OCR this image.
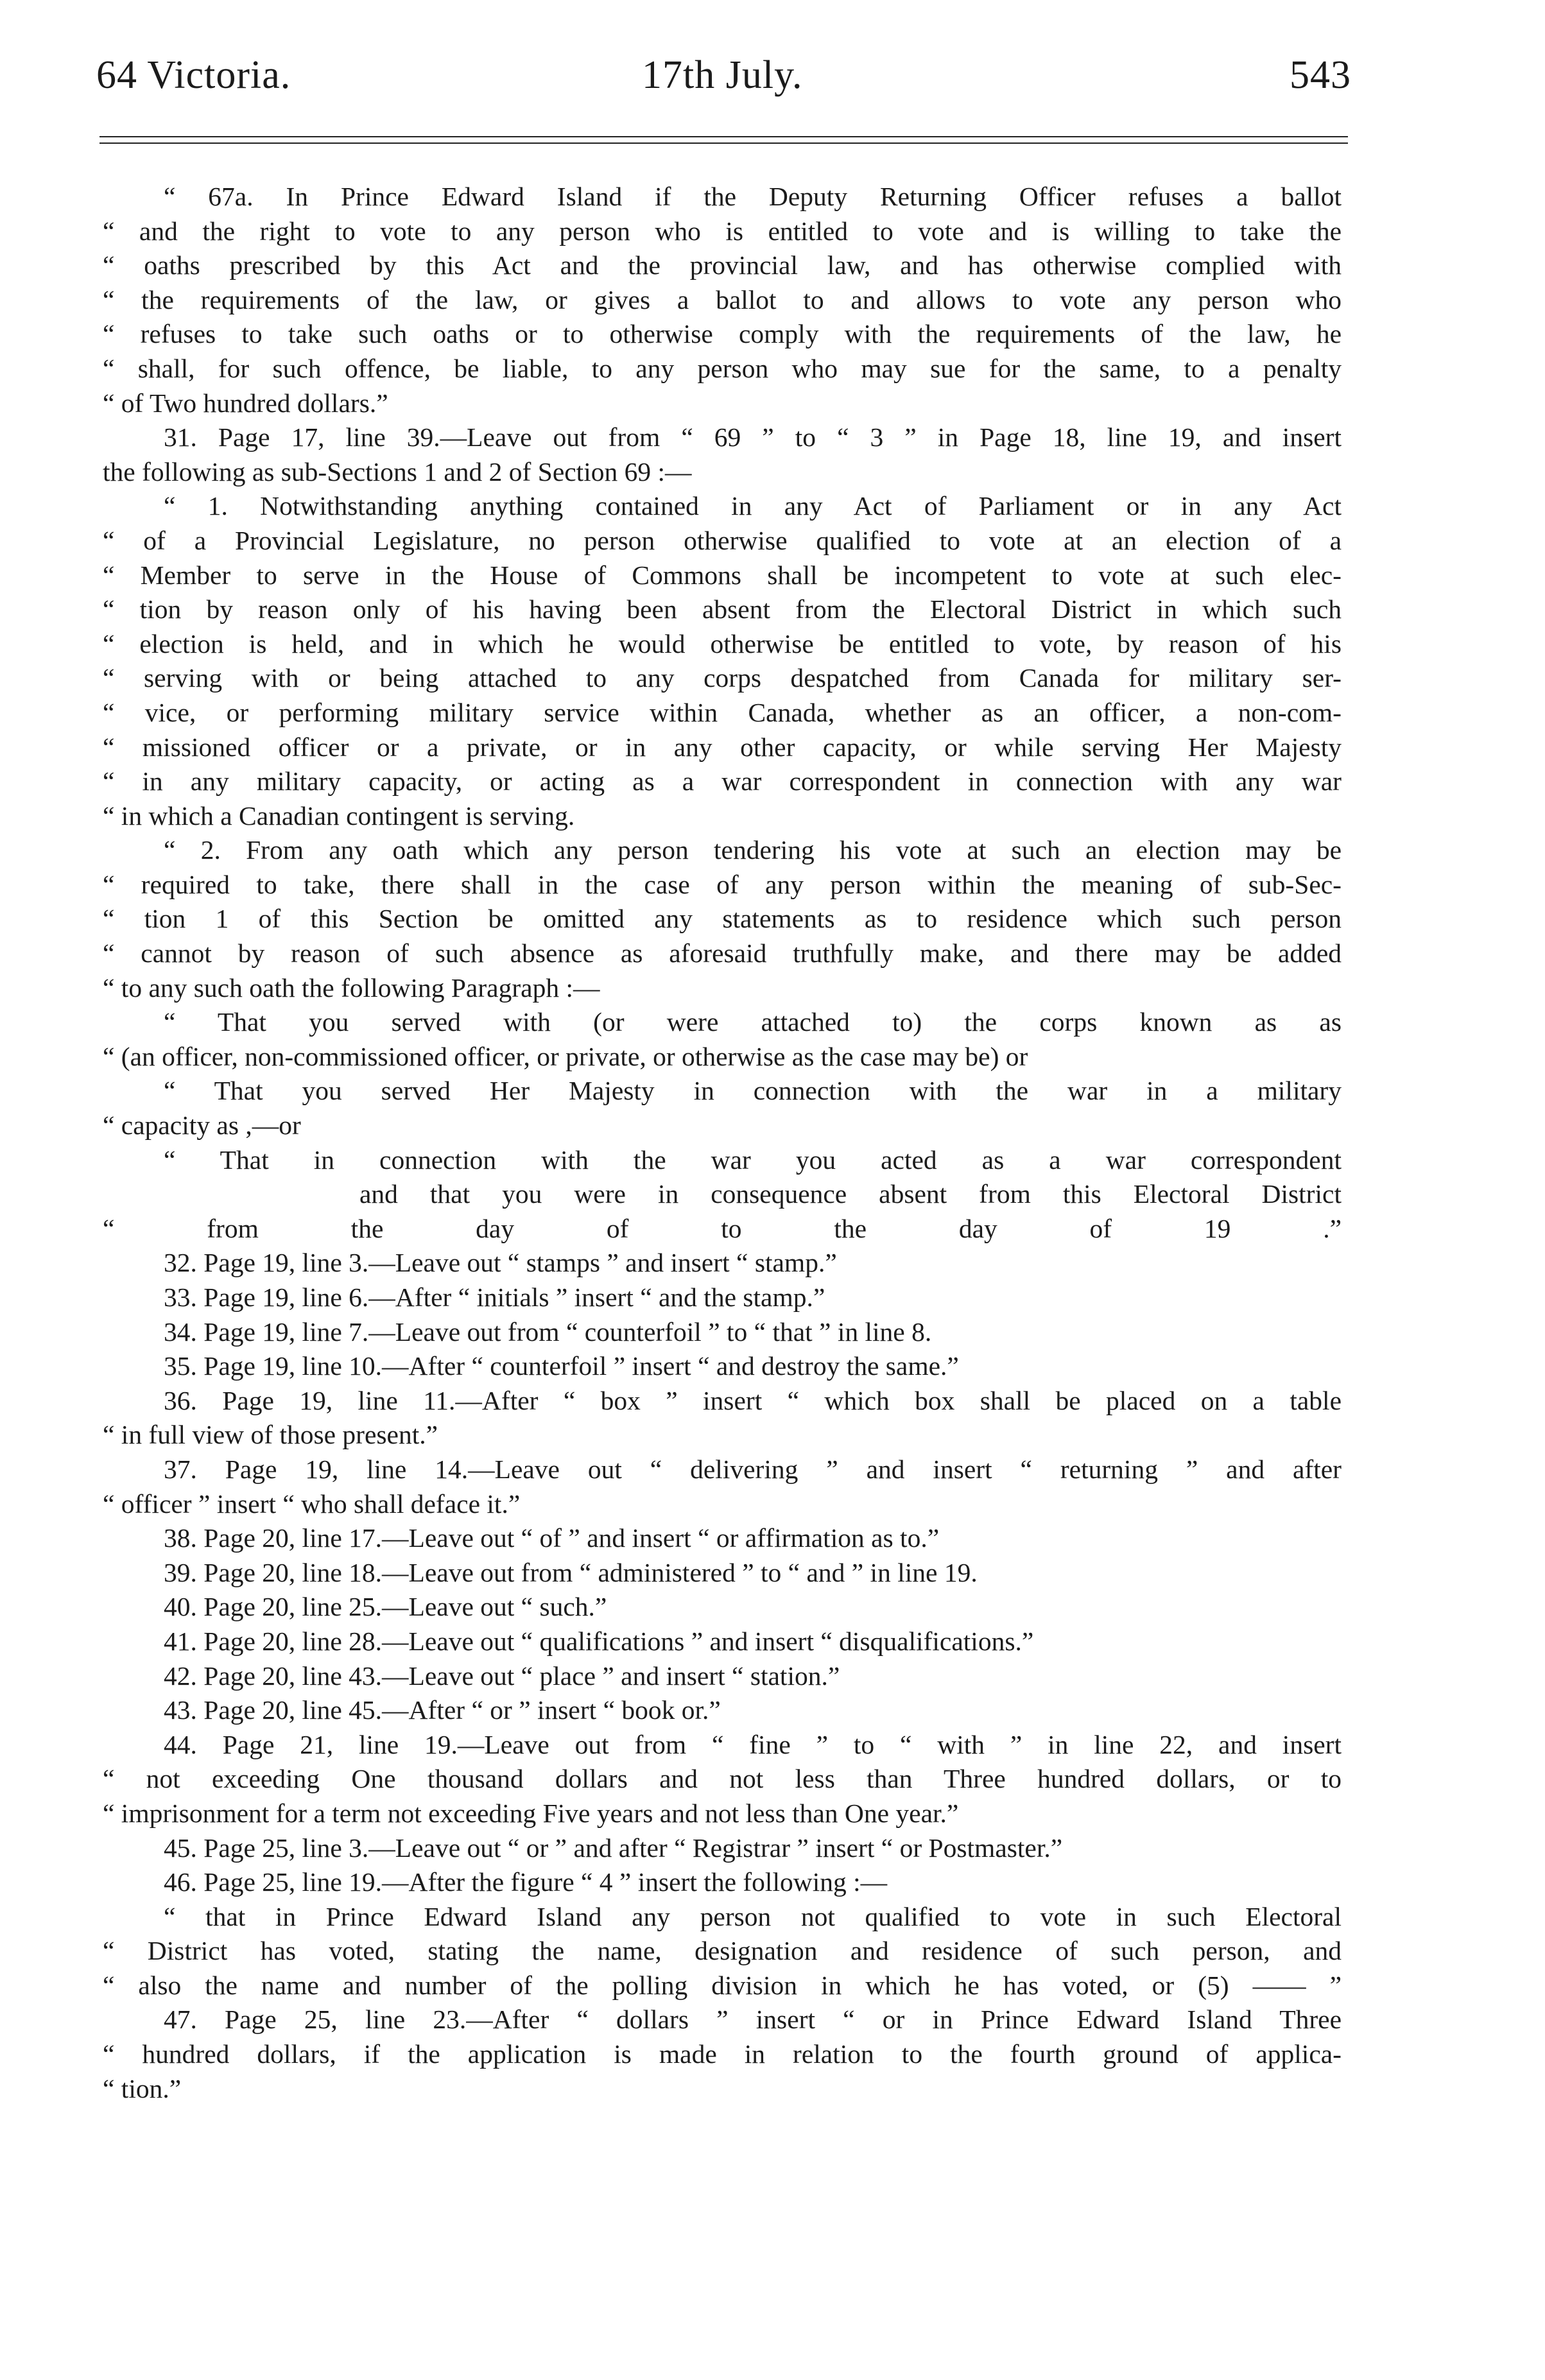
64 Victoria.	17th July.	543
“ 67a. In Prince Edward Island if the Deputy Returning Officer refuses a ballot
“ and the right to vote to any person who is entitled to vote and is willing to take the
“ oaths prescribed by this Act and the provincial law, and has otherwise complied with
“ the requirements of the law, or gives a ballot to and allows to vote any person who
“ refuses to take such oaths or to otherwise comply with the requirements of the law, he
“ shall, for such offence, be liable, to any person who may sue for the same, to a penalty
“ of Two hundred dollars.”
31. Page 17, line 39.—Leave out from “ 69 ” to “ 3 ” in Page 18, line 19, and insert
the following as sub-Sections 1 and 2 of Section 69 :—
“ 1. Notwithstanding anything contained in any Act of Parliament or in any Act
“ of a Provincial Legislature, no person otherwise qualified to vote at an election of a
“ Member to serve in the House of Commons shall be incompetent to vote at such elec-
“ tion by reason only of his having been absent from the Electoral District in which such
“ election is held, and in which he would otherwise be entitled to vote, by reason of his
“ serving with or being attached to any corps despatched from Canada for military ser-
“ vice, or performing military service within Canada, whether as an officer, a non-com-
“ missioned officer or a private, or in any other capacity, or while serving Her Majesty
“ in any military capacity, or acting as a war correspondent in connection with any war
“ in which a Canadian contingent is serving.
“ 2. From any oath which any person tendering his vote at such an election may be
“ required to take, there shall in the case of any person within the meaning of sub-Sec-
“ tion 1 of this Section be omitted any statements as to residence which such person
“ cannot by reason of such absence as aforesaid truthfully make, and there may be added
“ to any such oath the following Paragraph :—
“ That you served with (or were attached to) the corps known as as
“ (an officer, non-commissioned officer, or private, or otherwise as the case may be) or
“ That you served Her Majesty in connection with the war in a military
“ capacity as ,—or
“ That in connection with the war you acted as a war correspondent
and that you were in consequence absent from this Electoral District
“ from the day of to the day of 19 .”
32. Page 19, line 3.—Leave out “ stamps ” and insert “ stamp.”
33. Page 19, line 6.—After “ initials ” insert “ and the stamp.”
34. Page 19, line 7.—Leave out from “ counterfoil ” to “ that ” in line 8.
35. Page 19, line 10.—After “ counterfoil ” insert “ and destroy the same.”
36. Page 19, line 11.—After “ box ” insert “ which box shall be placed on a table
“ in full view of those present.”
37. Page 19, line 14.—Leave out “ delivering ” and insert “ returning ” and after
“ officer ” insert “ who shall deface it.”
38. Page 20, line 17.—Leave out “ of ” and insert “ or affirmation as to.”
39. Page 20, line 18.—Leave out from “ administered ” to “ and ” in line 19.
40. Page 20, line 25.—Leave out “ such.”
41. Page 20, line 28.—Leave out “ qualifications ” and insert “ disqualifications.”
42. Page 20, line 43.—Leave out “ place ” and insert “ station.”
43. Page 20, line 45.—After “ or ” insert “ book or.”
44. Page 21, line 19.—Leave out from “ fine ” to “ with ” in line 22, and insert
“ not exceeding One thousand dollars and not less than Three hundred dollars, or to
“ imprisonment for a term not exceeding Five years and not less than One year.”
45. Page 25, line 3.—Leave out “ or ” and after “ Registrar ” insert “ or Postmaster.”
46. Page 25, line 19.—After the figure “ 4 ” insert the following :—
“ that in Prince Edward Island any person not qualified to vote in such Electoral
“ District has voted, stating the name, designation and residence of such person, and
“ also the name and number of the polling division in which he has voted, or (5) —— ”
47. Page 25, line 23.—After “ dollars ” insert “ or in Prince Edward Island Three
“ hundred dollars, if the application is made in relation to the fourth ground of applica-
“ tion.”
